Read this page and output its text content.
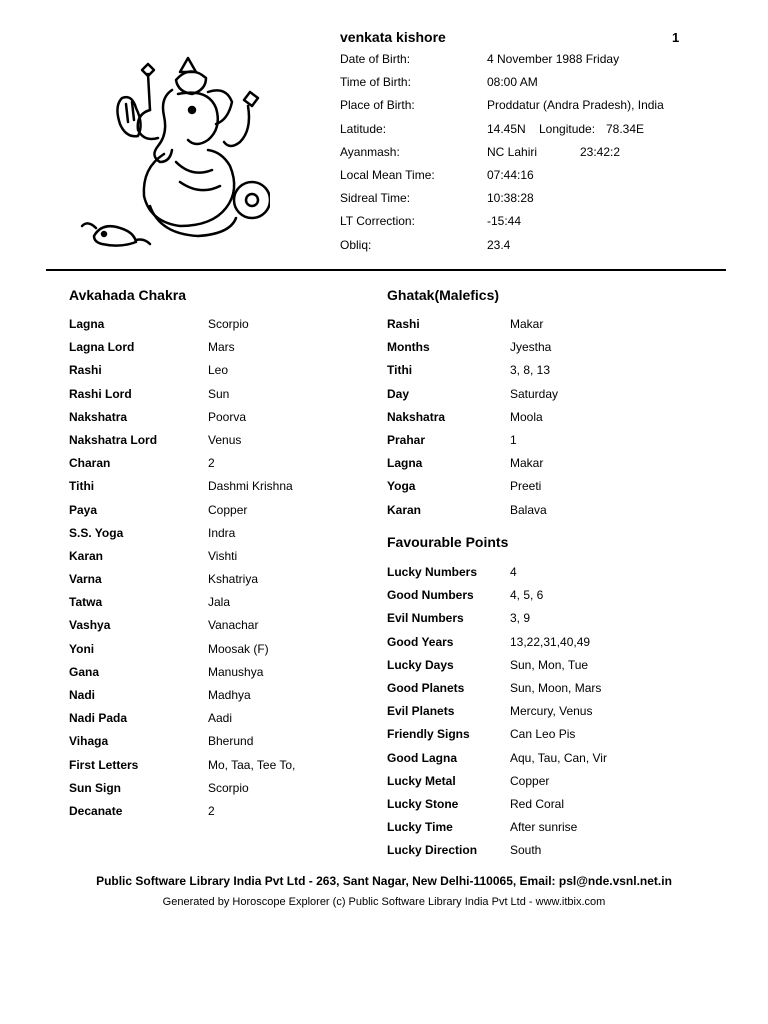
venkata kishore	1
Date of Birth:	4 November 1988 Friday
Time of Birth:	08:00 AM
Place of Birth:	Proddatur (Andra Pradesh), India
Latitude:	14.45N Longitude: 78.34E
Ayanmash:	NC Lahiri	23:42:2
Local Mean Time:	07:44:16
Sidreal Time:	10:38:28
LT Correction:	-15:44
Obliq:	23.4
Avkahada Chakra
Lagna	Scorpio
Lagna Lord	Mars
Rashi	Leo
Rashi Lord	Sun
Nakshatra	Poorva
Nakshatra Lord	Venus
Charan	2
Tithi	Dashmi Krishna
Paya	Copper
S.S. Yoga	Indra
Karan	Vishti
Varna	Kshatriya
Tatwa	Jala
Vashya	Vanachar
Yoni	Moosak (F)
Gana	Manushya
Nadi	Madhya
Nadi Pada	Aadi
Vihaga	Bherund
First Letters	Mo, Taa, Tee To,
Sun Sign	Scorpio
Decanate	2
Ghatak(Malefics)
Rashi	Makar
Months	Jyestha
Tithi	3, 8, 13
Day	Saturday
Nakshatra	Moola
Prahar	1
Lagna	Makar
Yoga	Preeti
Karan	Balava
Favourable Points
Lucky Numbers	4
Good Numbers	4, 5, 6
Evil Numbers	3, 9
Good Years	13,22,31,40,49
Lucky Days	Sun, Mon, Tue
Good Planets	Sun, Moon, Mars
Evil Planets	Mercury, Venus
Friendly Signs	Can Leo Pis
Good Lagna	Aqu, Tau, Can, Vir
Lucky Metal	Copper
Lucky Stone	Red Coral
Lucky Time	After sunrise
Lucky Direction	South
Public Software Library India Pvt Ltd - 263, Sant Nagar, New Delhi-110065, Email: psl@nde.vsnl.net.in
Generated by Horoscope Explorer (c) Public Software Library India Pvt Ltd - www.itbix.com
